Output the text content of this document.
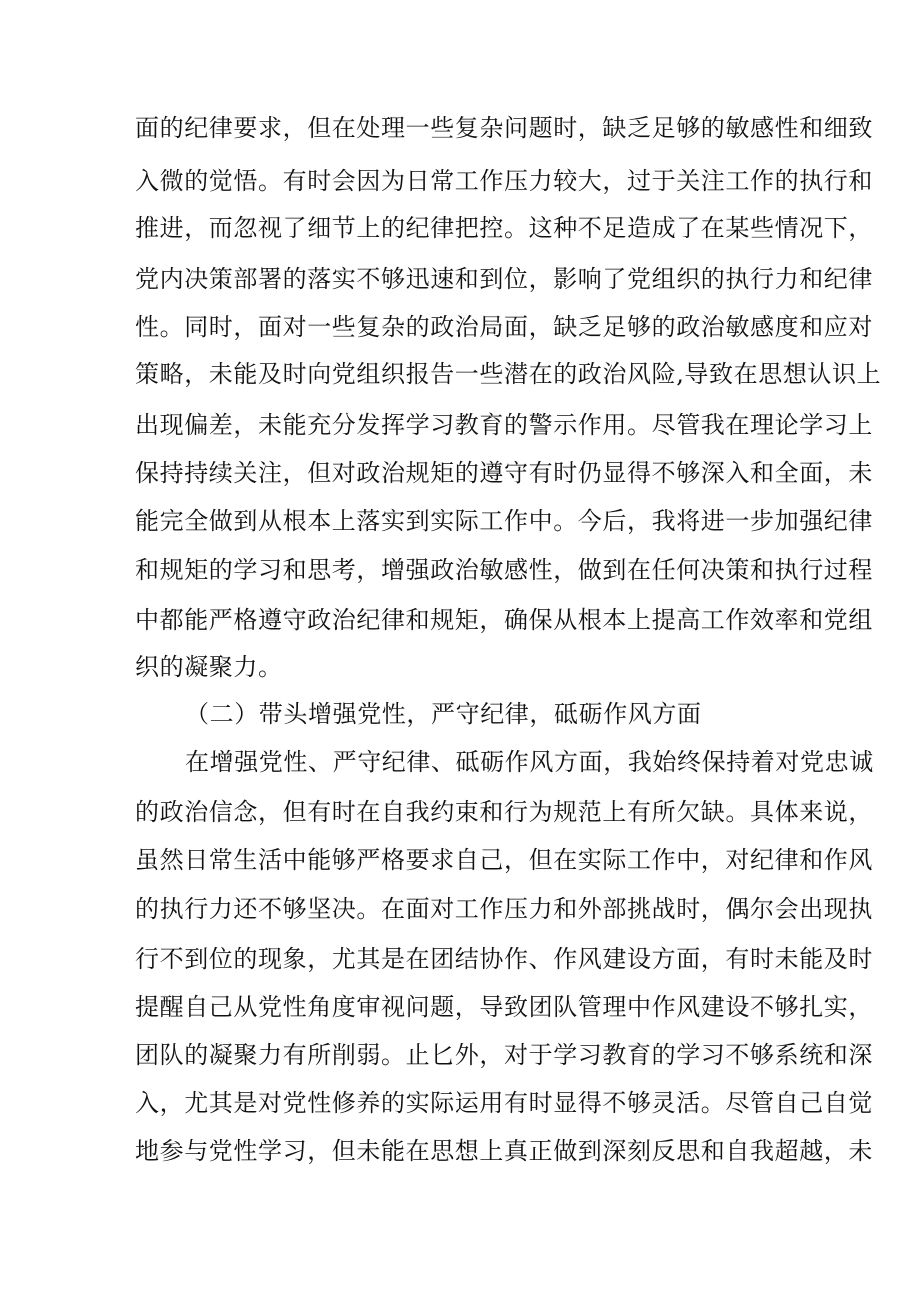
面的纪律要求，但在处理一些复杂问题时，缺乏足够的敏感性和细致
入微的觉悟。有时会因为日常工作压力较大，过于关注工作的执行和
推进，而忽视了细节上的纪律把控。这种不足造成了在某些情况下，
党内决策部署的落实不够迅速和到位，影响了党组织的执行力和纪律
性。同时，面对一些复杂的政治局面，缺乏足够的政治敏感度和应对
策略，未能及时向党组织报告一些潜在的政治风险,导致在思想认识上
出现偏差，未能充分发挥学习教育的警示作用。尽管我在理论学习上
保持持续关注，但对政治规矩的遵守有时仍显得不够深入和全面，未
能完全做到从根本上落实到实际工作中。今后，我将进一步加强纪律
和规矩的学习和思考，增强政治敏感性，做到在任何决策和执行过程
中都能严格遵守政治纪律和规矩，确保从根本上提高工作效率和党组
织的凝聚力。
（二）带头增强党性，严守纪律，砥砺作风方面
在增强党性、严守纪律、砥砺作风方面，我始终保持着对党忠诚
的政治信念，但有时在自我约束和行为规范上有所欠缺。具体来说，
虽然日常生活中能够严格要求自己，但在实际工作中，对纪律和作风
的执行力还不够坚决。在面对工作压力和外部挑战时，偶尔会出现执
行不到位的现象，尤其是在团结协作、作风建设方面，有时未能及时
提醒自己从党性角度审视问题，导致团队管理中作风建设不够扎实，
团队的凝聚力有所削弱。止匕外，对于学习教育的学习不够系统和深
入，尤其是对党性修养的实际运用有时显得不够灵活。尽管自己自觉
地参与党性学习，但未能在思想上真正做到深刻反思和自我超越，未
